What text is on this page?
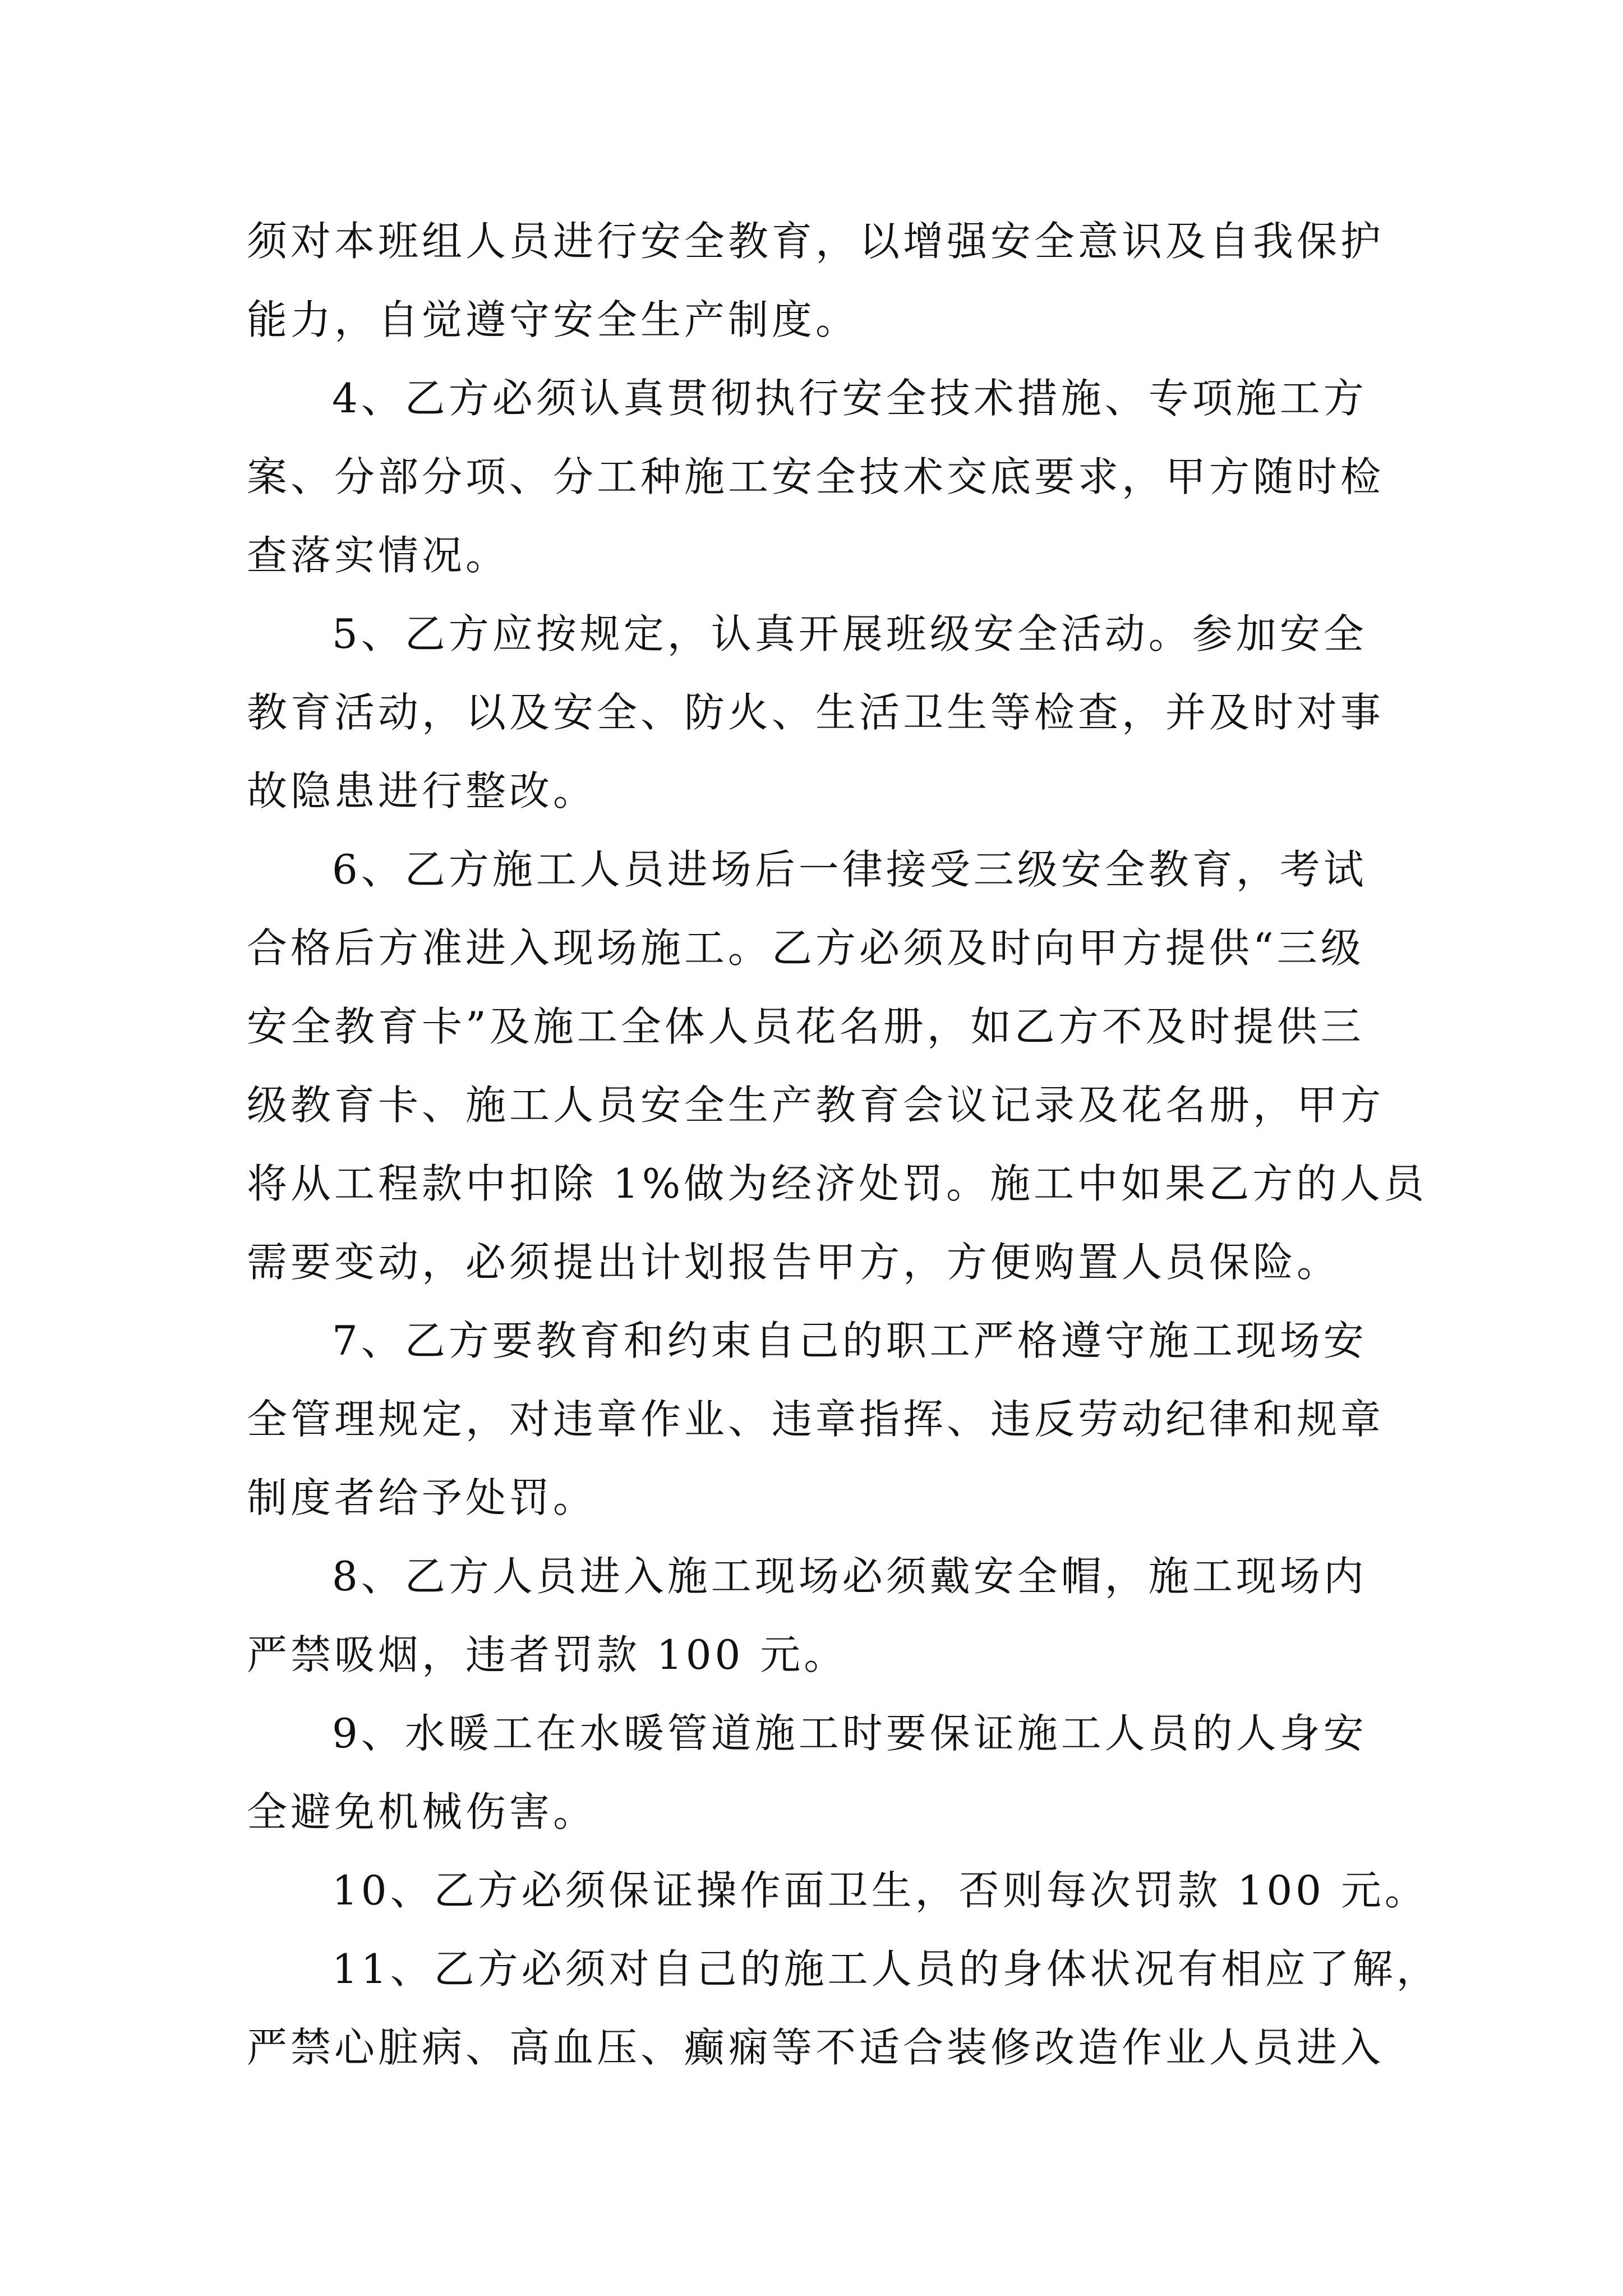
须对本班组人员进行安全教育，以增强安全意识及自我保护
能力，自觉遵守安全生产制度。
4、乙方必须认真贯彻执行安全技术措施、专项施工方
案、分部分项、分工种施工安全技术交底要求，甲方随时检
查落实情况。
5、乙方应按规定，认真开展班级安全活动。参加安全
教育活动，以及安全、防火、生活卫生等检查，并及时对事
故隐患进行整改。
6、乙方施工人员进场后一律接受三级安全教育，考试
合格后方准进入现场施工。乙方必须及时向甲方提供“三级
安全教育卡”及施工全体人员花名册，如乙方不及时提供三
级教育卡、施工人员安全生产教育会议记录及花名册，甲方
将从工程款中扣除 1%做为经济处罚。施工中如果乙方的人员
需要变动，必须提出计划报告甲方，方便购置人员保险。
7、乙方要教育和约束自己的职工严格遵守施工现场安
全管理规定，对违章作业、违章指挥、违反劳动纪律和规章
制度者给予处罚。
8、乙方人员进入施工现场必须戴安全帽，施工现场内
严禁吸烟，违者罚款 100 元。
9、水暖工在水暖管道施工时要保证施工人员的人身安
全避免机械伤害。
10、乙方必须保证操作面卫生，否则每次罚款 100 元。
11、乙方必须对自己的施工人员的身体状况有相应了解，
严禁心脏病、高血压、癫痫等不适合装修改造作业人员进入
